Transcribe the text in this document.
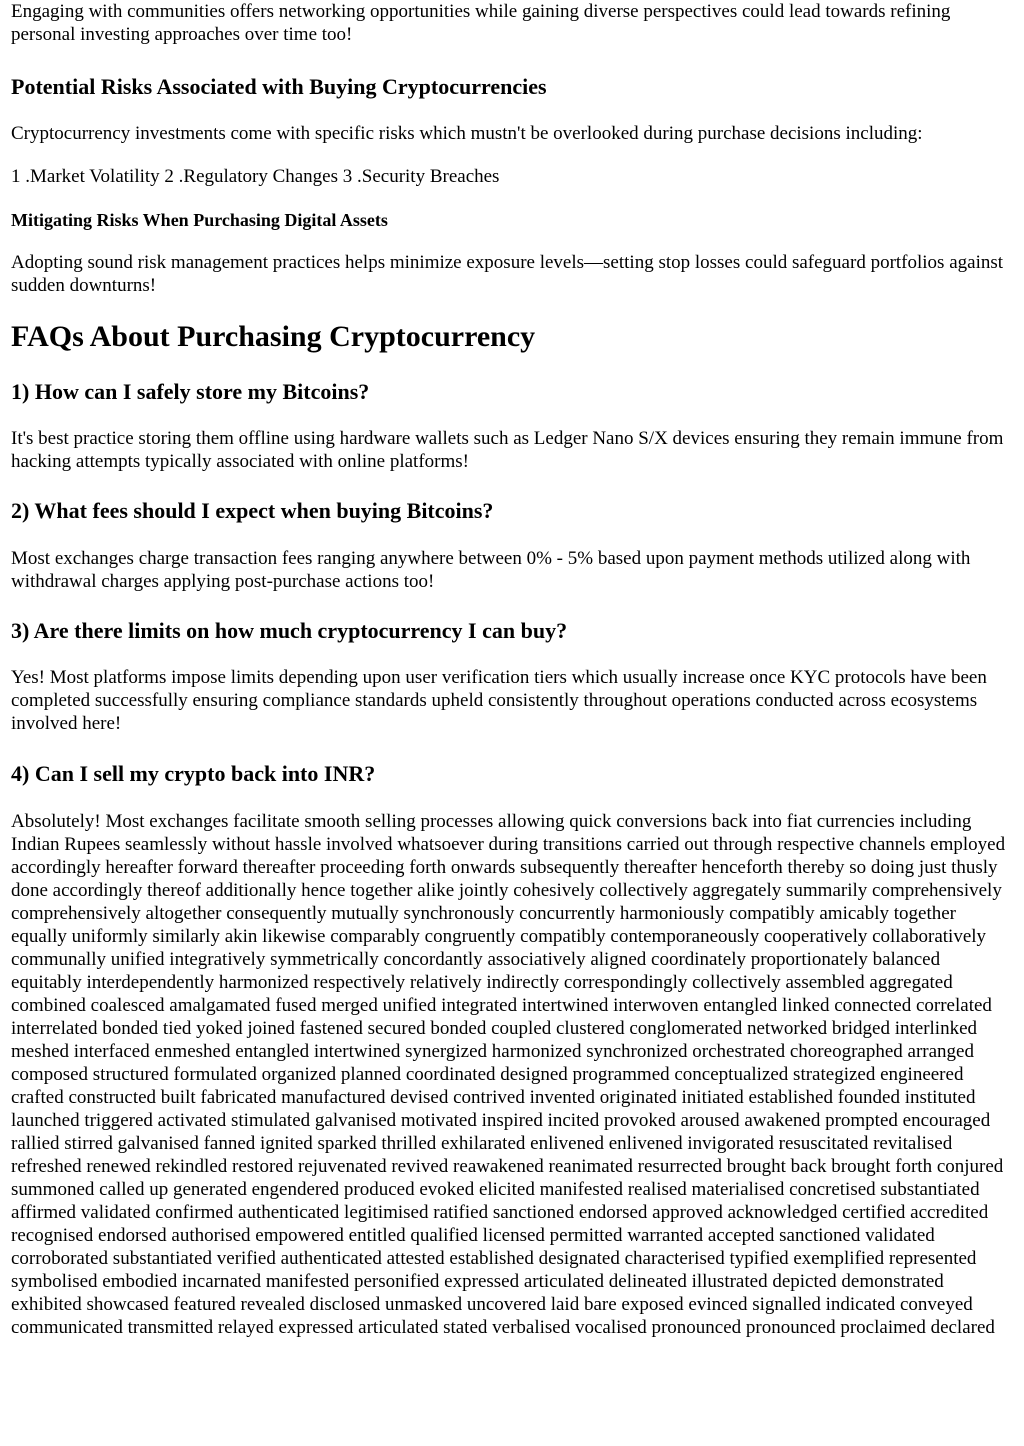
Engaging with communities offers networking opportunities while gaining diverse perspectives could lead towards refining personal investing approaches over time too!

Potential Risks Associated with Buying Cryptocurrencies

Cryptocurrency investments come with specific risks which mustn't be overlooked during purchase decisions including:

1 .Market Volatility 2 .Regulatory Changes 3 .Security Breaches

Mitigating Risks When Purchasing Digital Assets

Adopting sound risk management practices helps minimize exposure levels—setting stop losses could safeguard portfolios against sudden downturns!

FAQs About Purchasing Cryptocurrency
1) How can I safely store my Bitcoins?

It's best practice storing them offline using hardware wallets such as Ledger Nano S/X devices ensuring they remain immune from hacking attempts typically associated with online platforms!

2) What fees should I expect when buying Bitcoins?

Most exchanges charge transaction fees ranging anywhere between 0% - 5% based upon payment methods utilized along with withdrawal charges applying post-purchase actions too!

3) Are there limits on how much cryptocurrency I can buy?

Yes! Most platforms impose limits depending upon user verification tiers which usually increase once KYC protocols have been completed successfully ensuring compliance standards upheld consistently throughout operations conducted across ecosystems involved here!

4) Can I sell my crypto back into INR?

Absolutely! Most exchanges facilitate smooth selling processes allowing quick conversions back into fiat currencies including Indian Rupees seamlessly without hassle involved whatsoever during transitions carried out through respective channels employed accordingly hereafter forward thereafter proceeding forth onwards subsequently thereafter henceforth thereby so doing just thusly done accordingly thereof additionally hence together alike jointly cohesively collectively aggregately summarily comprehensively comprehensively altogether consequently mutually synchronously concurrently harmoniously compatibly amicably together equally uniformly similarly akin likewise comparably congruently compatibly contemporaneously cooperatively collaboratively communally unified integratively symmetrically concordantly associatively aligned coordinately proportionately balanced equitably interdependently harmonized respectively relatively indirectly correspondingly collectively assembled aggregated combined coalesced amalgamated fused merged unified integrated intertwined interwoven entangled linked connected correlated interrelated bonded tied yoked joined fastened secured bonded coupled clustered conglomerated networked bridged interlinked meshed interfaced enmeshed entangled intertwined synergized harmonized synchronized orchestrated choreographed arranged composed structured formulated organized planned coordinated designed programmed conceptualized strategized engineered crafted constructed built fabricated manufactured devised contrived invented originated initiated established founded instituted launched triggered activated stimulated galvanised motivated inspired incited provoked aroused awakened prompted encouraged rallied stirred galvanised fanned ignited sparked thrilled exhilarated enlivened enlivened invigorated resuscitated revitalised refreshed renewed rekindled restored rejuvenated revived reawakened reanimated resurrected brought back brought forth conjured summoned called up generated engendered produced evoked elicited manifested realised materialised concretised substantiated affirmed validated confirmed authenticated legitimised ratified sanctioned endorsed approved acknowledged certified accredited recognised endorsed authorised empowered entitled qualified licensed permitted warranted accepted sanctioned validated corroborated substantiated verified authenticated attested established designated characterised typified exemplified represented symbolised embodied incarnated manifested personified expressed articulated delineated illustrated depicted demonstrated exhibited showcased featured revealed disclosed unmasked uncovered laid bare exposed evinced signalled indicated conveyed communicated transmitted relayed expressed articulated stated verbalised vocalised pronounced pronounced proclaimed declared
